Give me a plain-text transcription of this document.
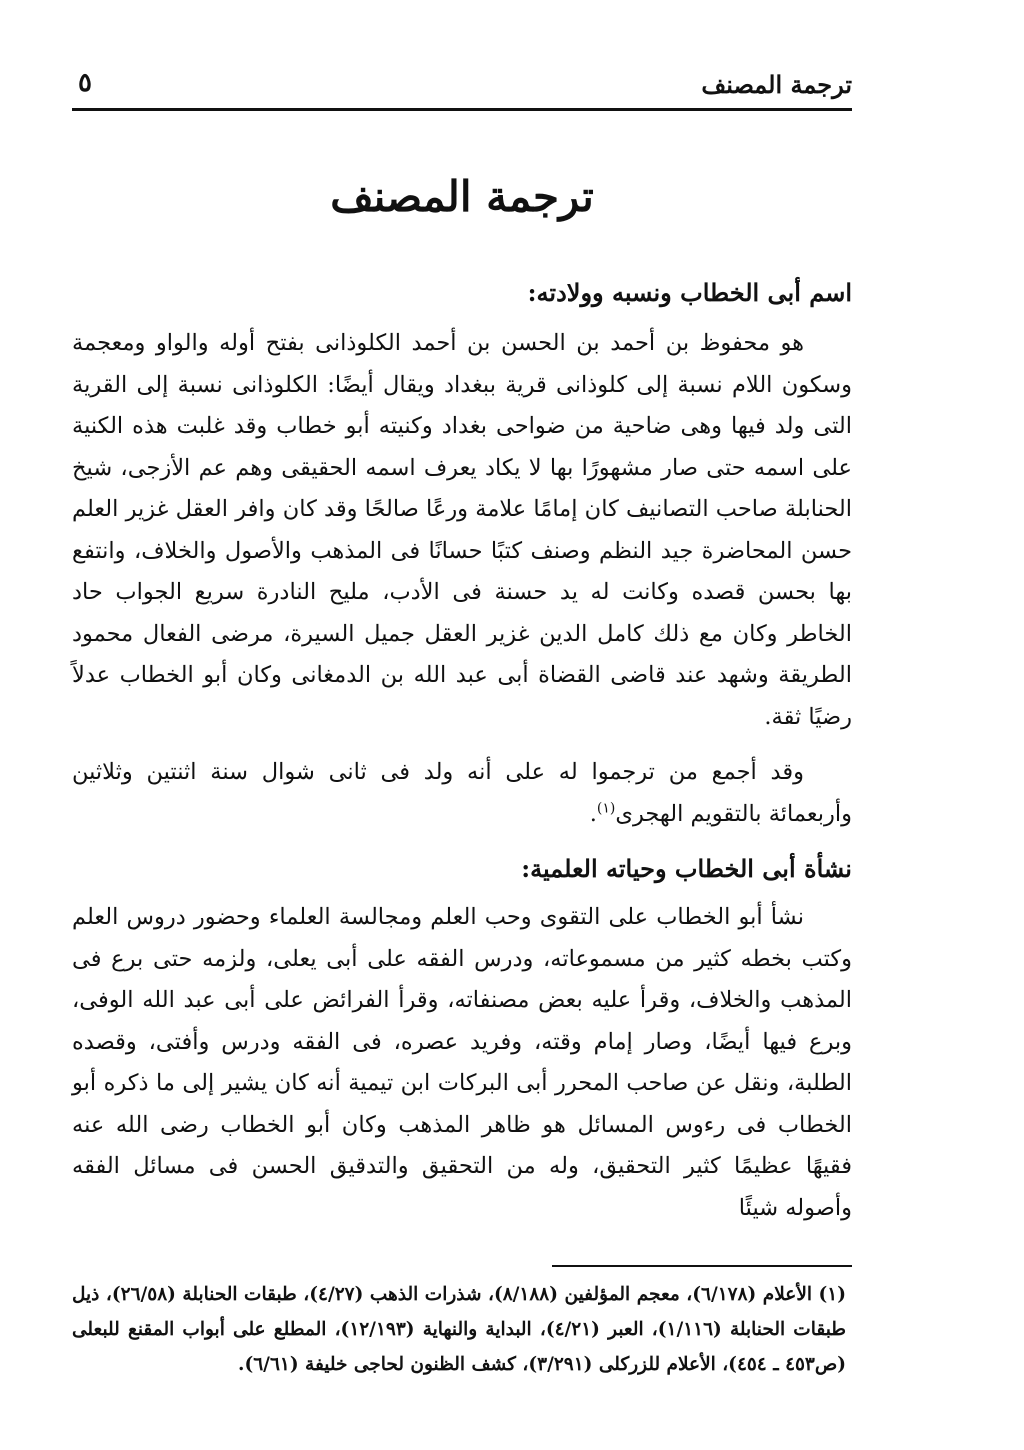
ترجمة المصنف
٥
ترجمة المصنف
اسم أبى الخطاب ونسبه وولادته:

هو محفوظ بن أحمد بن الحسن بن أحمد الكلوذانى بفتح أوله والواو ومعجمة وسكون اللام نسبة إلى كلوذانى قرية ببغداد ويقال أيضًا: الكلوذانى نسبة إلى القرية التى ولد فيها وهى ضاحية من ضواحى بغداد وكنيته أبو خطاب وقد غلبت هذه الكنية على اسمه حتى صار مشهورًا بها لا يكاد يعرف اسمه الحقيقى وهم عم الأزجى، شيخ الحنابلة صاحب التصانيف كان إمامًا علامة ورعًا صالحًا وقد كان وافر العقل غزير العلم حسن المحاضرة جيد النظم وصنف كتبًا حسانًا فى المذهب والأصول والخلاف، وانتفع بها بحسن قصده وكانت له يد حسنة فى الأدب، مليح النادرة سريع الجواب حاد الخاطر وكان مع ذلك كامل الدين غزير العقل جميل السيرة، مرضى الفعال محمود الطريقة وشهد عند قاضى القضاة أبى عبد الله بن الدمغانى وكان أبو الخطاب عدلاً رضيًا ثقة.

وقد أجمع من ترجموا له على أنه ولد فى ثانى شوال سنة اثنتين وثلاثين وأربعمائة بالتقويم الهجرى$^{(١)}$.

نشأة أبى الخطاب وحياته العلمية:

نشأ أبو الخطاب على التقوى وحب العلم ومجالسة العلماء وحضور دروس العلم وكتب بخطه كثير من مسموعاته، ودرس الفقه على أبى يعلى، ولزمه حتى برع فى المذهب والخلاف، وقرأ عليه بعض مصنفاته، وقرأ الفرائض على أبى عبد الله الوفى، وبرع فيها أيضًا، وصار إمام وقته، وفريد عصره، فى الفقه ودرس وأفتى، وقصده الطلبة، ونقل عن صاحب المحرر أبى البركات ابن تيمية أنه كان يشير إلى ما ذكره أبو الخطاب فى رءوس المسائل هو ظاهر المذهب وكان أبو الخطاب رضى الله عنه فقيهًا عظيمًا كثير التحقيق، وله من التحقيق والتدقيق الحسن فى مسائل الفقه وأصوله شيئًا

(١) الأعلام (٦/١٧٨)، معجم المؤلفين (٨/١٨٨)، شذرات الذهب (٤/٢٧)، طبقات الحنابلة (٢٦/٥٨)، ذيل طبقات الحنابلة (١/١١٦)، العبر (٤/٢١)، البداية والنهاية (١٢/١٩٣)، المطلع على أبواب المقنع للبعلى (ص٤٥٣ ـ ٤٥٤)، الأعلام للزركلى (٣/٢٩١)، كشف الظنون لحاجى خليفة (٦/٦١).
